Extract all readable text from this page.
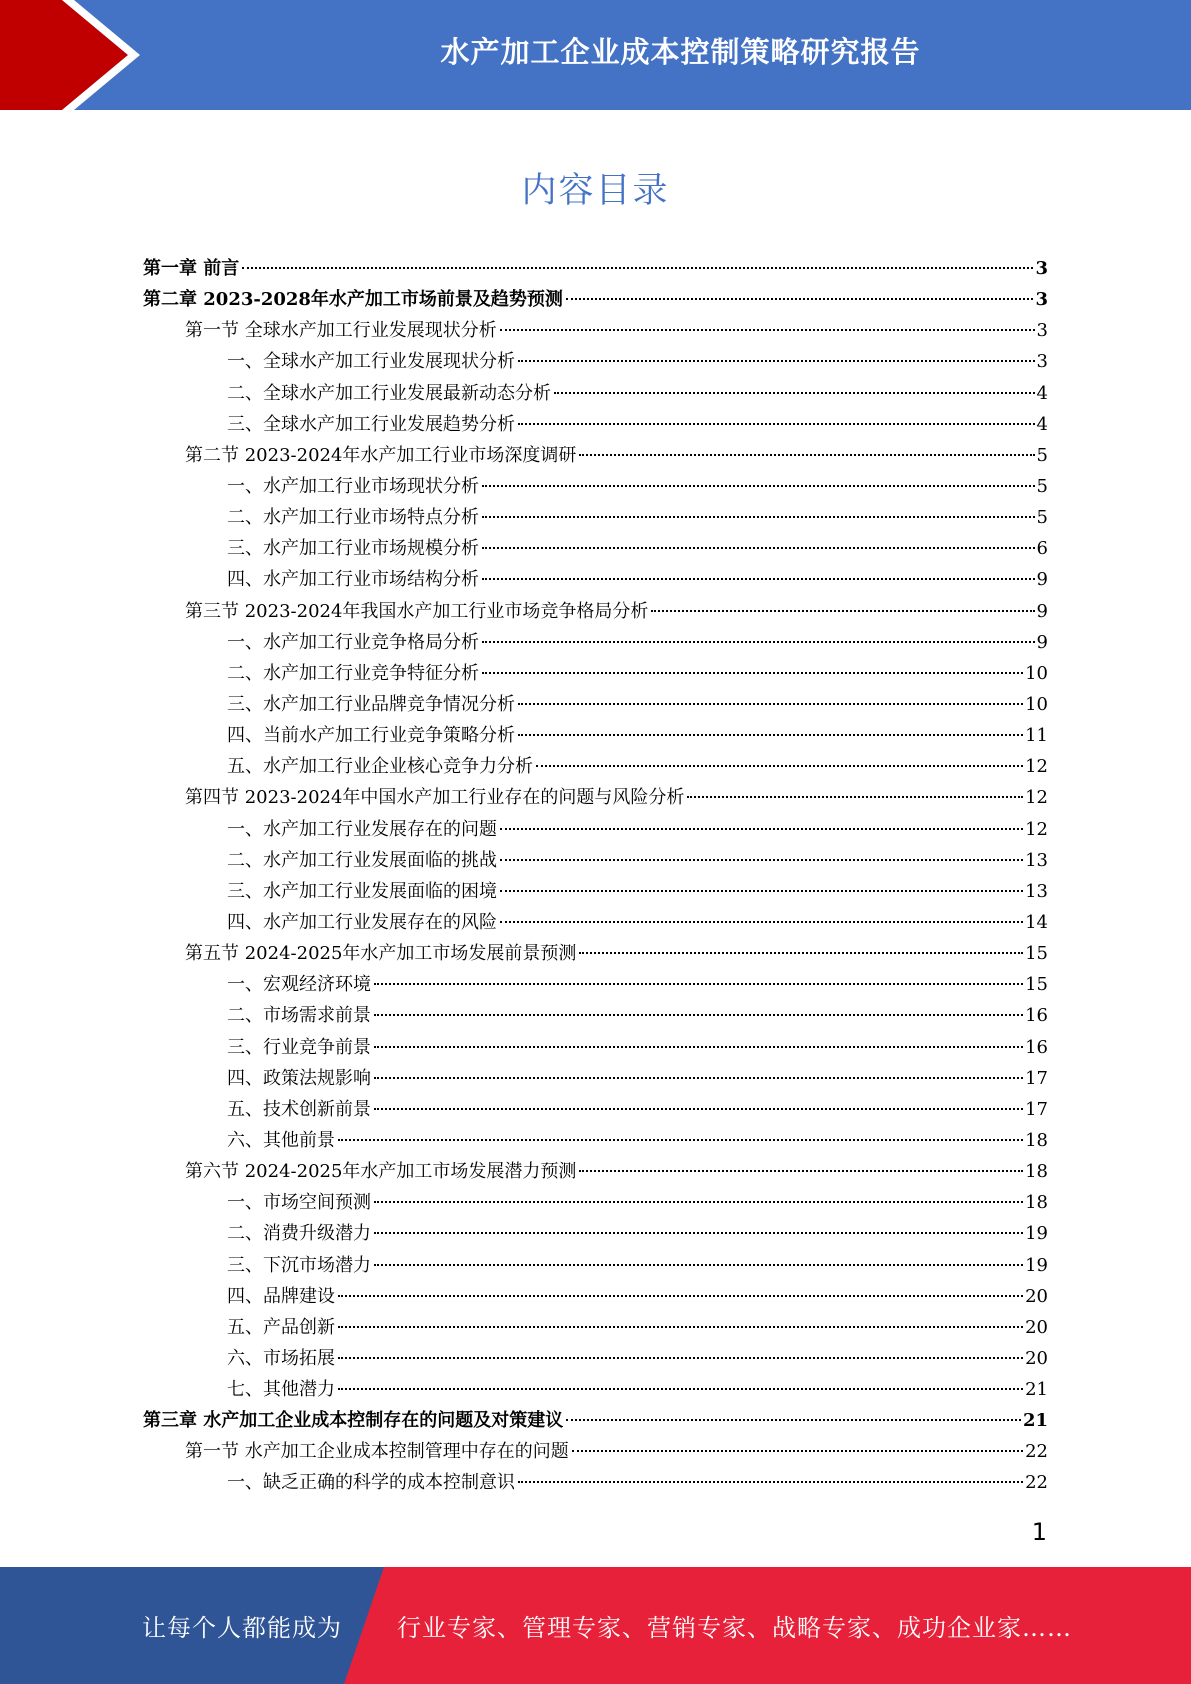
水产加工企业成本控制策略研究报告
内容目录
第一章 前言	3
第二章 2023-2028年水产加工市场前景及趋势预测	3
第一节 全球水产加工行业发展现状分析	3
一、全球水产加工行业发展现状分析	3
二、全球水产加工行业发展最新动态分析	4
三、全球水产加工行业发展趋势分析	4
第二节 2023-2024年水产加工行业市场深度调研	5
一、水产加工行业市场现状分析	5
二、水产加工行业市场特点分析	5
三、水产加工行业市场规模分析	6
四、水产加工行业市场结构分析	9
第三节 2023-2024年我国水产加工行业市场竞争格局分析	9
一、水产加工行业竞争格局分析	9
二、水产加工行业竞争特征分析	10
三、水产加工行业品牌竞争情况分析	10
四、当前水产加工行业竞争策略分析	11
五、水产加工行业企业核心竞争力分析	12
第四节 2023-2024年中国水产加工行业存在的问题与风险分析	12
一、水产加工行业发展存在的问题	12
二、水产加工行业发展面临的挑战	13
三、水产加工行业发展面临的困境	13
四、水产加工行业发展存在的风险	14
第五节 2024-2025年水产加工市场发展前景预测	15
一、宏观经济环境	15
二、市场需求前景	16
三、行业竞争前景	16
四、政策法规影响	17
五、技术创新前景	17
六、其他前景	18
第六节 2024-2025年水产加工市场发展潜力预测	18
一、市场空间预测	18
二、消费升级潜力	19
三、下沉市场潜力	19
四、品牌建设	20
五、产品创新	20
六、市场拓展	20
七、其他潜力	21
第三章 水产加工企业成本控制存在的问题及对策建议	21
第一节 水产加工企业成本控制管理中存在的问题	22
一、缺乏正确的科学的成本控制意识	22
1
让每个人都能成为 行业专家、管理专家、营销专家、战略专家、成功企业家……
